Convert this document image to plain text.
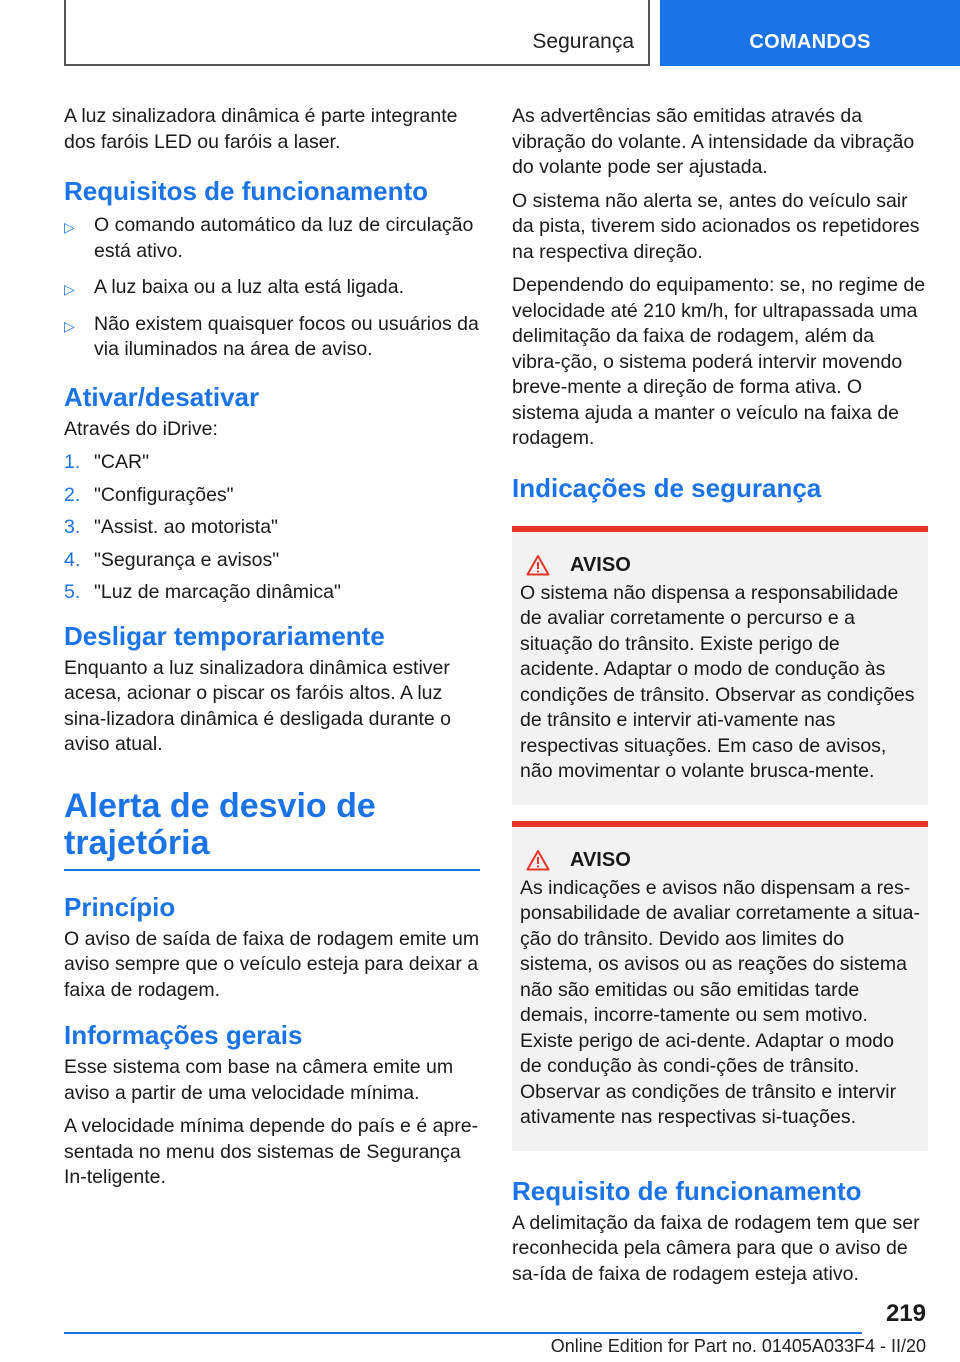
Segurança	COMANDOS

A luz sinalizadora dinâmica é parte integrante dos faróis LED ou faróis a laser.

Requisitos de funcionamento
▷ O comando automático da luz de circulação está ativo.
▷ A luz baixa ou a luz alta está ligada.
▷ Não existem quaisquer focos ou usuários da via iluminados na área de aviso.
Ativar/desativar

Através do iDrive:

1. "CAR"
2. "Configurações"
3. "Assist. ao motorista"
4. "Segurança e avisos"
5. "Luz de marcação dinâmica"
Desligar temporariamente

Enquanto a luz sinalizadora dinâmica estiver acesa, acionar o piscar os faróis altos. A luz sina-lizadora dinâmica é desligada durante o aviso atual.

Alerta de desvio de trajetória
Princípio

O aviso de saída de faixa de rodagem emite um aviso sempre que o veículo esteja para deixar a faixa de rodagem.

Informações gerais

Esse sistema com base na câmera emite um aviso a partir de uma velocidade mínima.

A velocidade mínima depende do país e é apre-sentada no menu dos sistemas de Segurança In-teligente.

As advertências são emitidas através da vibração do volante. A intensidade da vibração do volante pode ser ajustada.

O sistema não alerta se, antes do veículo sair da pista, tiverem sido acionados os repetidores na respectiva direção.

Dependendo do equipamento: se, no regime de velocidade até 210 km/h, for ultrapassada uma delimitação da faixa de rodagem, além da vibra-ção, o sistema poderá intervir movendo breve-mente a direção de forma ativa. O sistema ajuda a manter o veículo na faixa de rodagem.

Indicações de segurança
AVISO

O sistema não dispensa a responsabilidade de avaliar corretamente o percurso e a situação do trânsito. Existe perigo de acidente. Adaptar o modo de condução às condições de trânsito. Observar as condições de trânsito e intervir ati-vamente nas respectivas situações. Em caso de avisos, não movimentar o volante brusca-mente.

AVISO

As indicações e avisos não dispensam a res-ponsabilidade de avaliar corretamente a situa-ção do trânsito. Devido aos limites do sistema, os avisos ou as reações do sistema não são emitidas ou são emitidas tarde demais, incorre-tamente ou sem motivo. Existe perigo de aci-dente. Adaptar o modo de condução às condi-ções de trânsito. Observar as condições de trânsito e intervir ativamente nas respectivas si-tuações.

Requisito de funcionamento

A delimitação da faixa de rodagem tem que ser reconhecida pela câmera para que o aviso de sa-ída de faixa de rodagem esteja ativo.

219
Online Edition for Part no. 01405A033F4 - II/20
